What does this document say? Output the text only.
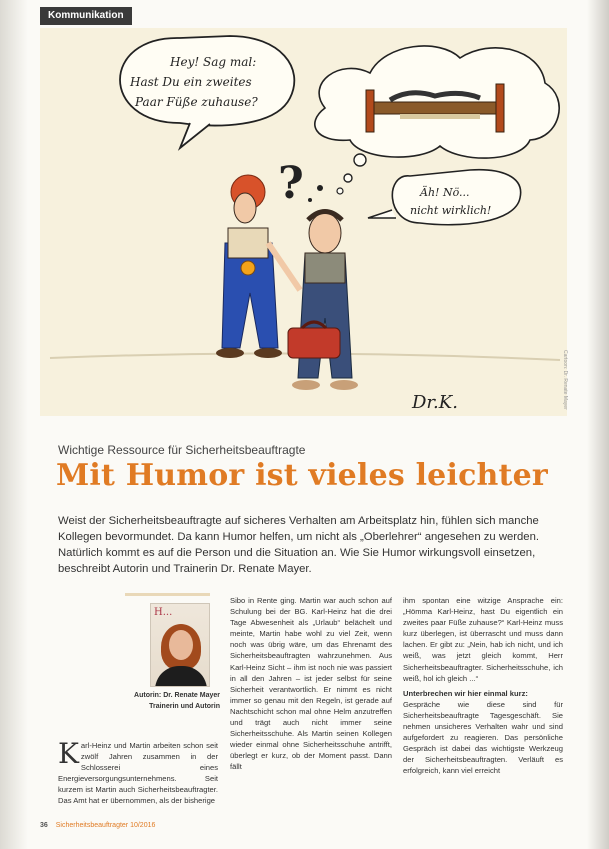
Kommunikation
Hey! Sag mal:
Hast Du ein zweites
Paar Füße zuhause?
?	Äh! Nö...
nicht wirklich!
Dr.K.	Cartoon: Dr. Renate Mayer
Wichtige Ressource für Sicherheitsbeauftragte
Mit Humor ist vieles leichter
Weist der Sicherheitsbeauftragte auf sicheres Verhalten am Arbeitsplatz hin, fühlen sich manche Kollegen bevormundet. Da kann Humor helfen, um nicht als „Oberlehrer“ angesehen zu werden. Natürlich kommt es auf die Person und die Situation an. Wie Sie Humor wirkungsvoll einsetzen, beschreibt Autorin und Trainerin Dr. Renate Mayer.
H...
Autorin: Dr. Renate Mayer
Trainerin und Autorin
Karl-Heinz und Martin arbeiten schon seit zwölf Jahren zusammen in der Schlosserei eines Energieversorgungsunternehmens. Seit kurzem ist Martin auch Sicherheitsbeauftragter. Das Amt hat er übernommen, als der bisherige
Sibo in Rente ging. Martin war auch schon auf Schulung bei der BG. Karl-Heinz hat die drei Tage Abwesenheit als „Urlaub“ belächelt und meinte, Martin habe wohl zu viel Zeit, wenn noch was übrig wäre, um das Ehrenamt des Sicherheitsbeauftragten wahrzunehmen. Aus Karl-Heinz Sicht – ihm ist noch nie was passiert in all den Jahren – ist jeder selbst für seine Sicherheit verantwortlich. Er nimmt es nicht immer so genau mit den Regeln, ist gerade auf Nachtschicht schon mal ohne Helm anzutreffen und trägt auch nicht immer seine Sicherheitsschuhe. Als Martin seinen Kollegen wieder einmal ohne Sicherheitsschuhe antrifft, überlegt er kurz, ob der Moment passt. Dann fällt
ihm spontan eine witzige Ansprache ein: „Hömma Karl-Heinz, hast Du eigentlich ein zweites paar Füße zuhause?“ Karl-Heinz muss kurz überlegen, ist überrascht und muss dann lachen. Er gibt zu: „Nein, hab ich nicht, und ich weiß, was jetzt gleich kommt, Herr Sicherheitsbeauftragter. Sicherheitsschuhe, ich weiß, hol ich gleich ...“
Unterbrechen wir hier einmal kurz:
Gespräche wie diese sind für Sicherheitsbeauftragte Tagesgeschäft. Sie nehmen unsicheres Verhalten wahr und sind aufgefordert zu reagieren. Das persönliche Gespräch ist dabei das wichtigste Werkzeug der Sicherheitsbeauftragten. Verläuft es erfolgreich, kann viel erreicht
36 Sicherheitsbeauftragter 10/2016
